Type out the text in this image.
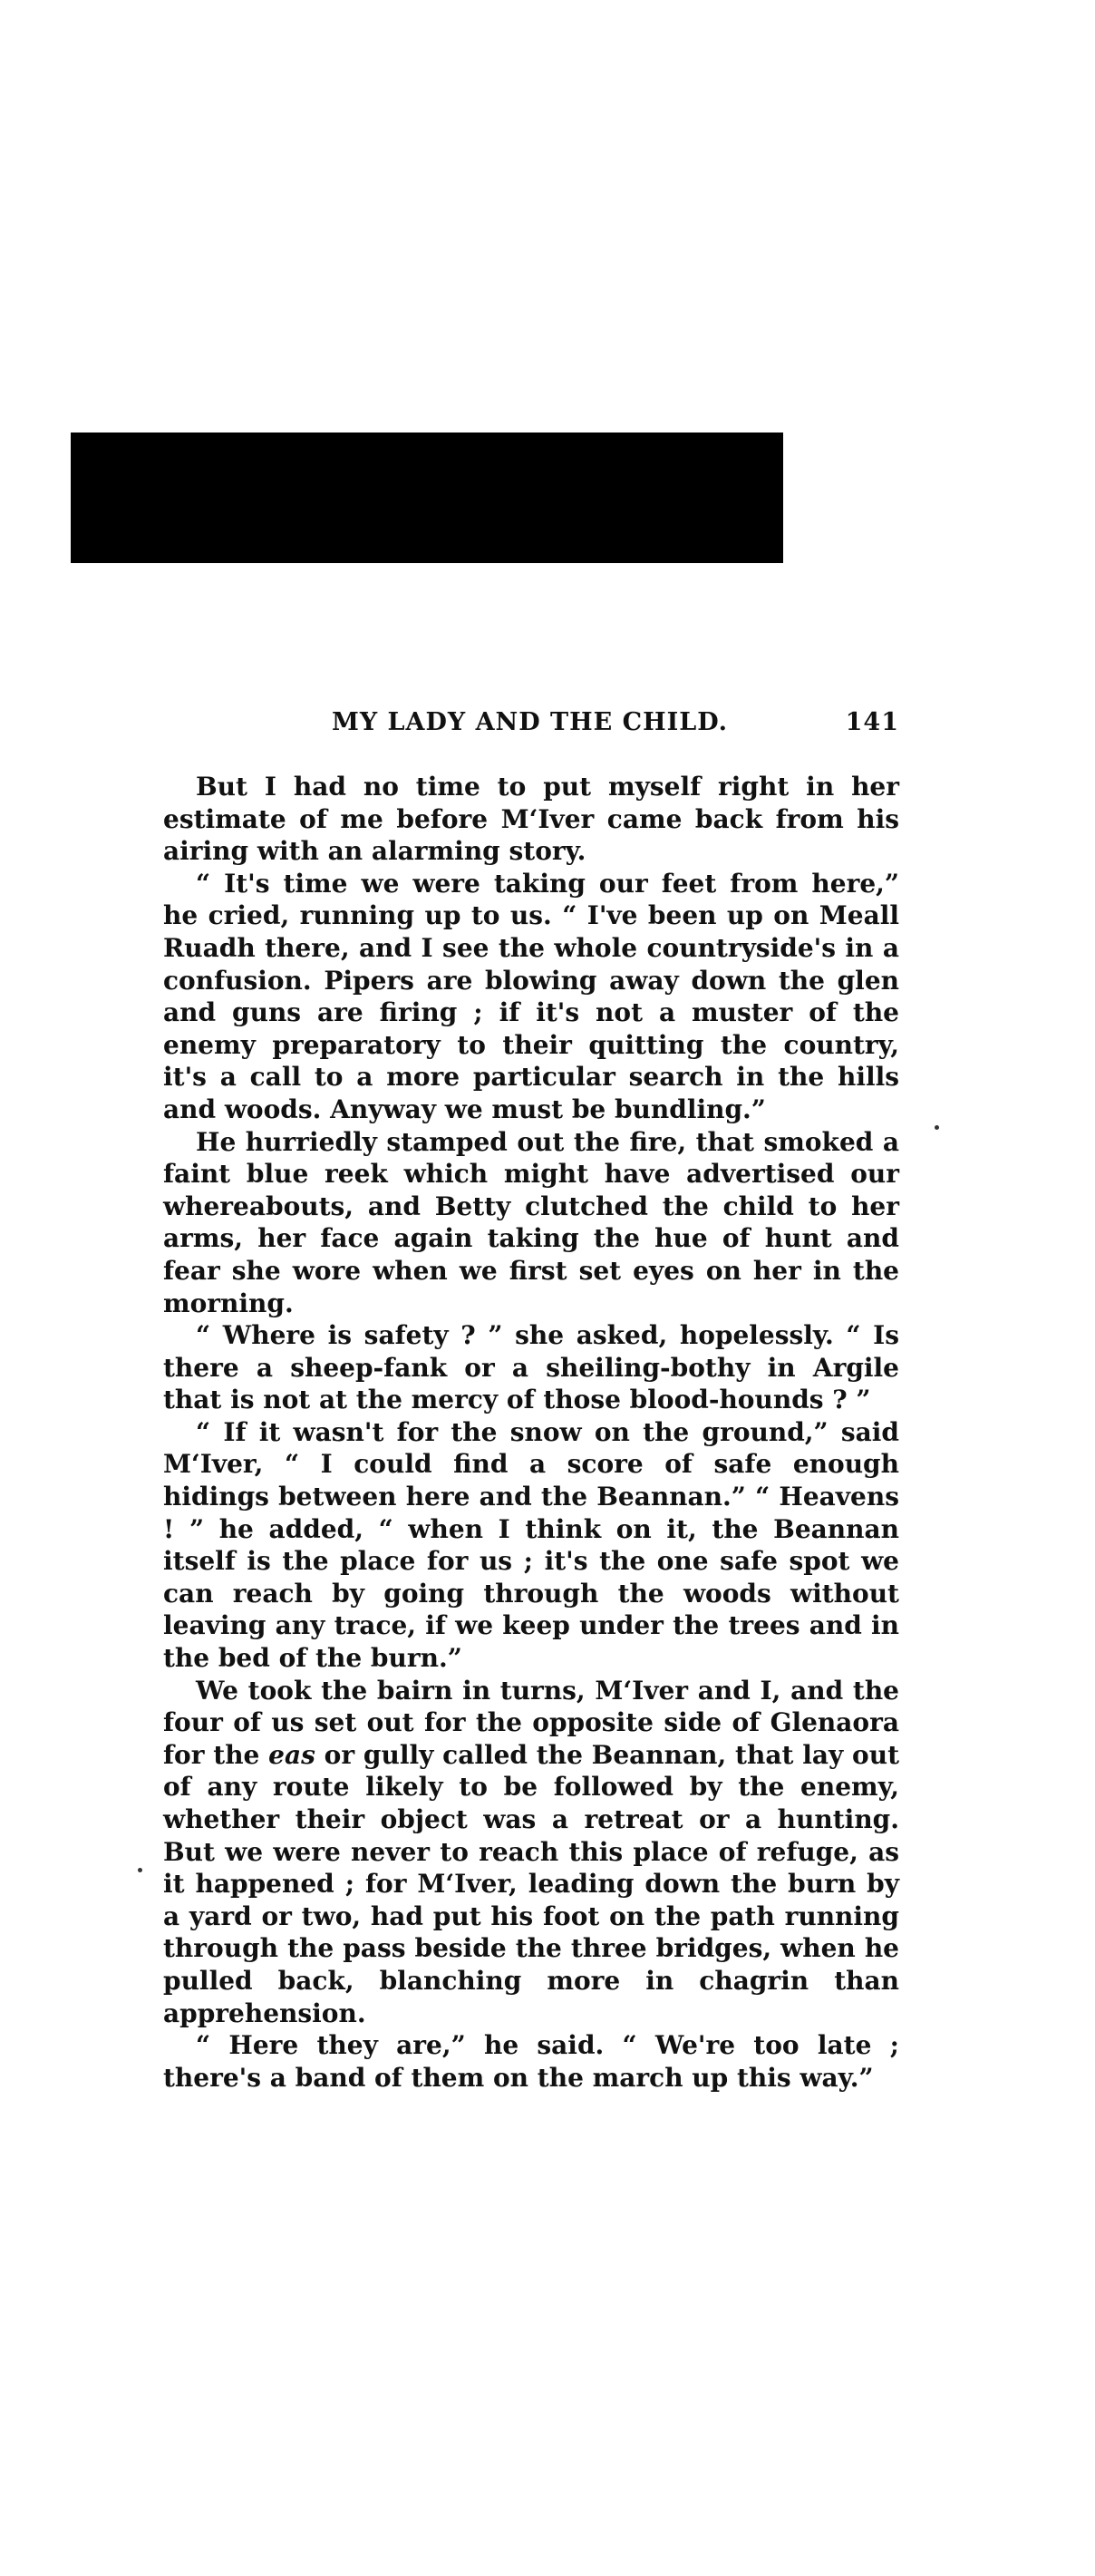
MY LADY AND THE CHILD.	141

But I had no time to put myself right in her estimate of me before M‘Iver came back from his airing with an alarming story.

“ It's time we were taking our feet from here,” he cried, running up to us. “ I've been up on Meall Ruadh there, and I see the whole countryside's in a confusion. Pipers are blowing away down the glen and guns are firing ; if it's not a muster of the enemy preparatory to their quitting the country, it's a call to a more particular search in the hills and woods. Anyway we must be bundling.”

He hurriedly stamped out the fire, that smoked a faint blue reek which might have advertised our whereabouts, and Betty clutched the child to her arms, her face again taking the hue of hunt and fear she wore when we first set eyes on her in the morning.

“ Where is safety ? ” she asked, hopelessly. “ Is there a sheep-fank or a sheiling-bothy in Argile that is not at the mercy of those blood-hounds ? ”

“ If it wasn't for the snow on the ground,” said M‘Iver, “ I could find a score of safe enough hidings between here and the Beannan.” “ Heavens ! ” he added, “ when I think on it, the Beannan itself is the place for us ; it's the one safe spot we can reach by going through the woods without leaving any trace, if we keep under the trees and in the bed of the burn.”

We took the bairn in turns, M‘Iver and I, and the four of us set out for the opposite side of Glenaora for the eas or gully called the Beannan, that lay out of any route likely to be followed by the enemy, whether their object was a retreat or a hunting. But we were never to reach this place of refuge, as it happened ; for M‘Iver, leading down the burn by a yard or two, had put his foot on the path running through the pass beside the three bridges, when he pulled back, blanching more in chagrin than apprehension.

“ Here they are,” he said. “ We're too late ; there's a band of them on the march up this way.”
